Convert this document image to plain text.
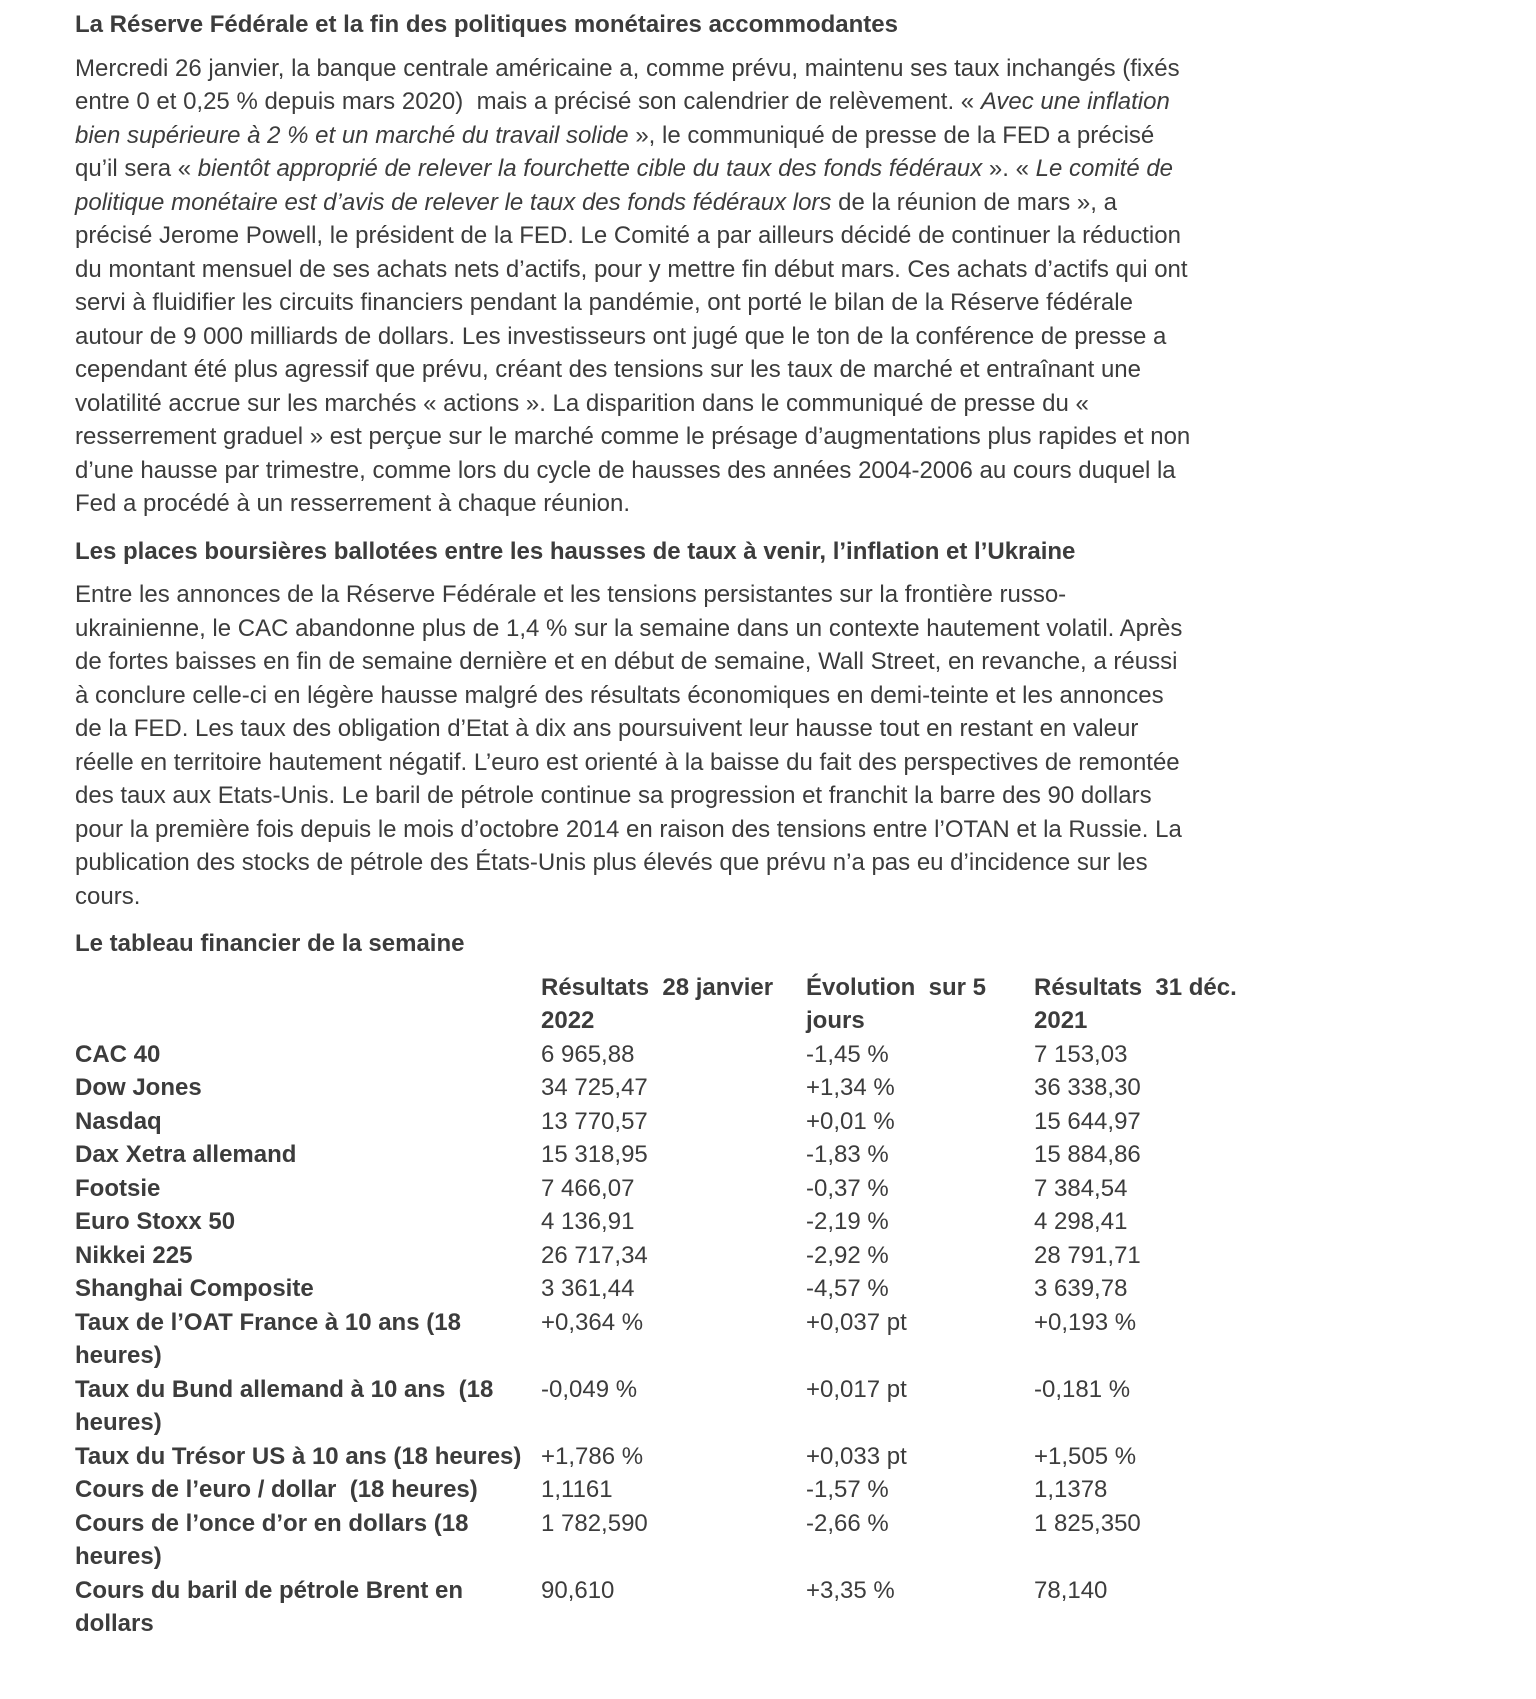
La Réserve Fédérale et la fin des politiques monétaires accommodantes

Mercredi 26 janvier, la banque centrale américaine a, comme prévu, maintenu ses taux inchangés (fixés entre 0 et 0,25 % depuis mars 2020)  mais a précisé son calendrier de relèvement. « Avec une inflation bien supérieure à 2 % et un marché du travail solide », le communiqué de presse de la FED a précisé qu’il sera « bientôt approprié de relever la fourchette cible du taux des fonds fédéraux ». « Le comité de politique monétaire est d’avis de relever le taux des fonds fédéraux lors de la réunion de mars », a précisé Jerome Powell, le président de la FED. Le Comité a par ailleurs décidé de continuer la réduction du montant mensuel de ses achats nets d’actifs, pour y mettre fin début mars. Ces achats d’actifs qui ont servi à fluidifier les circuits financiers pendant la pandémie, ont porté le bilan de la Réserve fédérale autour de 9 000 milliards de dollars. Les investisseurs ont jugé que le ton de la conférence de presse a cependant été plus agressif que prévu, créant des tensions sur les taux de marché et entraînant une volatilité accrue sur les marchés « actions ». La disparition dans le communiqué de presse du « resserrement graduel » est perçue sur le marché comme le présage d’augmentations plus rapides et non d’une hausse par trimestre, comme lors du cycle de hausses des années 2004-2006 au cours duquel la Fed a procédé à un resserrement à chaque réunion.

Les places boursières ballotées entre les hausses de taux à venir, l’inflation et l’Ukraine

Entre les annonces de la Réserve Fédérale et les tensions persistantes sur la frontière russo-ukrainienne, le CAC abandonne plus de 1,4 % sur la semaine dans un contexte hautement volatil. Après de fortes baisses en fin de semaine dernière et en début de semaine, Wall Street, en revanche, a réussi à conclure celle-ci en légère hausse malgré des résultats économiques en demi-teinte et les annonces de la FED. Les taux des obligation d’Etat à dix ans poursuivent leur hausse tout en restant en valeur réelle en territoire hautement négatif. L’euro est orienté à la baisse du fait des perspectives de remontée des taux aux Etats-Unis. Le baril de pétrole continue sa progression et franchit la barre des 90 dollars pour la première fois depuis le mois d’octobre 2014 en raison des tensions entre l’OTAN et la Russie. La publication des stocks de pétrole des États-Unis plus élevés que prévu n’a pas eu d’incidence sur les cours.

Le tableau financier de la semaine

Résultats  28 janvier
2022

Évolution  sur 5
jours

Résultats  31 déc.
2021

CAC 40	6 965,88	-1,45 %	7 153,03
Dow Jones	34 725,47	+1,34 %	36 338,30
Nasdaq	13 770,57	+0,01 %	15 644,97
Dax Xetra allemand	15 318,95	-1,83 %	15 884,86
Footsie	7 466,07	-0,37 %	7 384,54
Euro Stoxx 50	4 136,91	-2,19 %	4 298,41
Nikkei 225	26 717,34	-2,92 %	28 791,71
Shanghai Composite	3 361,44	-4,57 %	3 639,78
Taux de l’OAT France à 10 ans (18 heures)	+0,364 %	+0,037 pt	+0,193 %
Taux du Bund allemand à 10 ans  (18 heures)	-0,049 %	+0,017 pt	-0,181 %
Taux du Trésor US à 10 ans (18 heures)	+1,786 %	+0,033 pt	+1,505 %
Cours de l’euro / dollar  (18 heures)	1,1161	-1,57 %	1,1378
Cours de l’once d’or en dollars (18 heures)	1 782,590	-2,66 %	1 825,350
Cours du baril de pétrole Brent en dollars	90,610	+3,35 %	78,140
